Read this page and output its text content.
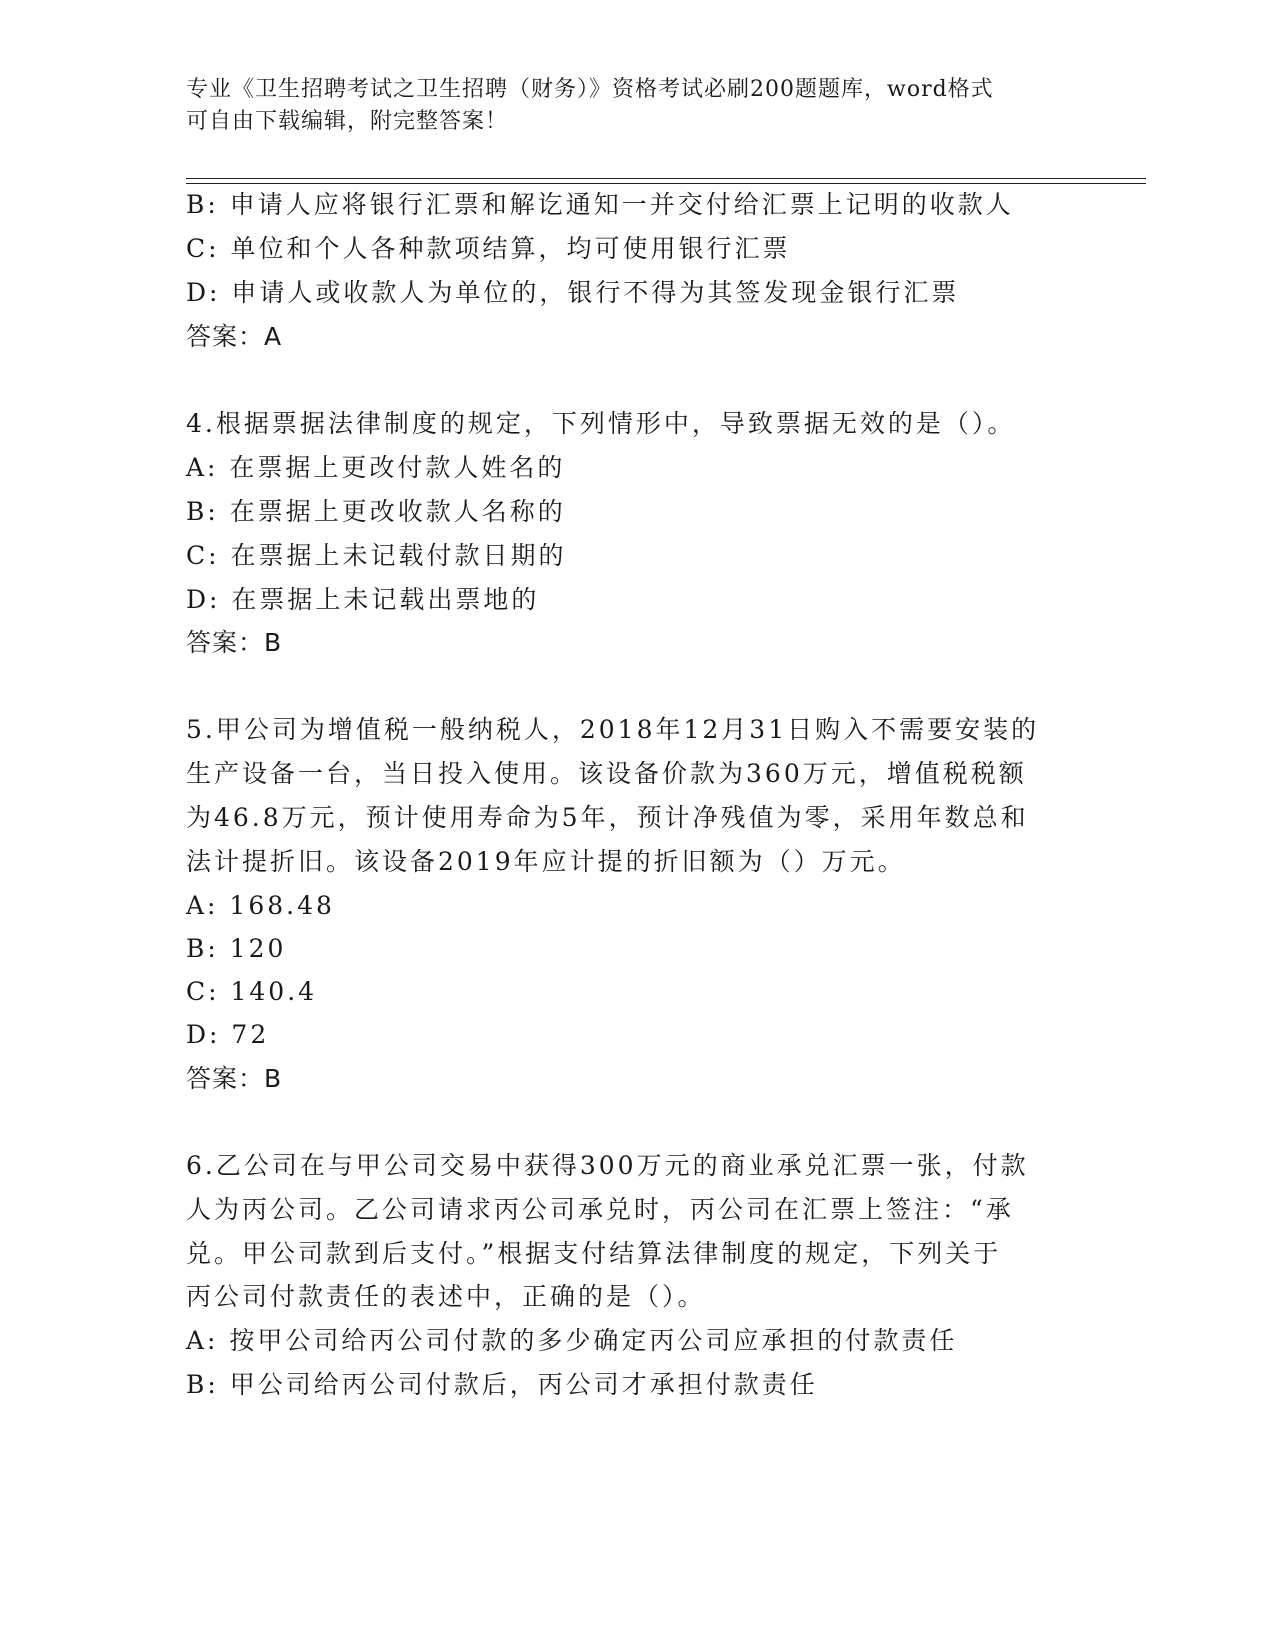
专业《卫生招聘考试之卫生招聘（财务）》资格考试必刷200题题库，word格式
可自由下载编辑，附完整答案！
B: 申请人应将银行汇票和解讫通知一并交付给汇票上记明的收款人
C: 单位和个人各种款项结算，均可使用银行汇票
D: 申请人或收款人为单位的，银行不得为其签发现金银行汇票
答案：A
4.根据票据法律制度的规定，下列情形中，导致票据无效的是（）。
A: 在票据上更改付款人姓名的
B: 在票据上更改收款人名称的
C: 在票据上未记载付款日期的
D: 在票据上未记载出票地的
答案：B
5.甲公司为增值税一般纳税人，2018年12月31日购入不需要安装的
生产设备一台，当日投入使用。该设备价款为360万元，增值税税额
为46.8万元，预计使用寿命为5年，预计净残值为零，采用年数总和
法计提折旧。该设备2019年应计提的折旧额为（）万元。
A: 168.48
B: 120
C: 140.4
D: 72
答案：B
6.乙公司在与甲公司交易中获得300万元的商业承兑汇票一张，付款
人为丙公司。乙公司请求丙公司承兑时，丙公司在汇票上签注：“承
兑。甲公司款到后支付。”根据支付结算法律制度的规定，下列关于
丙公司付款责任的表述中，正确的是（）。
A: 按甲公司给丙公司付款的多少确定丙公司应承担的付款责任
B: 甲公司给丙公司付款后，丙公司才承担付款责任
